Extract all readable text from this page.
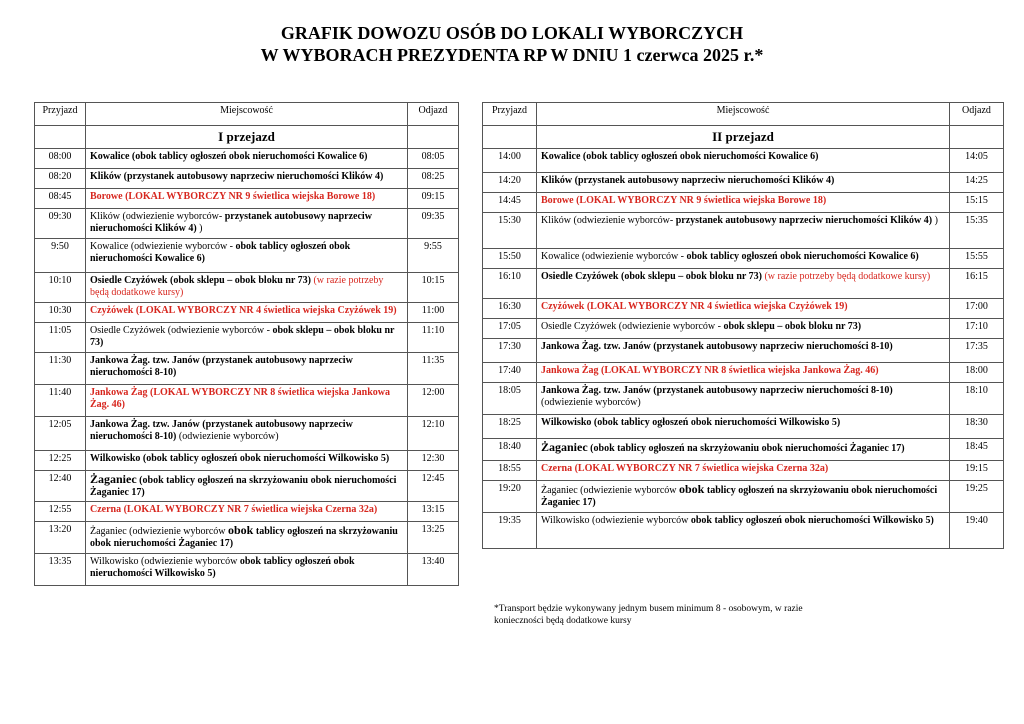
GRAFIK DOWOZU OSÓB DO LOKALI WYBORCZYCH
W WYBORACH PREZYDENTA RP W DNIU 1 czerwca 2025 r.*
Przyjazd	Miejscowość	Odjazd
	I przejazd	
08:00	Kowalice (obok tablicy ogłoszeń obok nieruchomości Kowalice 6)	08:05
08:20	Klików (przystanek autobusowy naprzeciw nieruchomości Klików 4)	08:25
08:45	Borowe (LOKAL WYBORCZY NR 9 świetlica wiejska Borowe 18)	09:15
09:30	Klików (odwiezienie wyborców- przystanek autobusowy naprzeciw nieruchomości Klików 4) )	09:35
9:50	Kowalice (odwiezienie wyborców - obok tablicy ogłoszeń obok nieruchomości Kowalice 6)	9:55
10:10	Osiedle Czyżówek (obok sklepu – obok bloku nr 73) (w razie potrzeby będą dodatkowe kursy)	10:15
10:30	Czyżówek (LOKAL WYBORCZY NR 4 świetlica wiejska Czyżówek 19)	11:00
11:05	Osiedle Czyżówek (odwiezienie wyborców - obok sklepu – obok bloku nr 73)	11:10
11:30	Jankowa Żag. tzw. Janów (przystanek autobusowy naprzeciw nieruchomości 8-10)	11:35
11:40	Jankowa Żag (LOKAL WYBORCZY NR 8 świetlica wiejska Jankowa Żag. 46)	12:00
12:05	Jankowa Żag. tzw. Janów (przystanek autobusowy naprzeciw nieruchomości 8-10) (odwiezienie wyborców)	12:10
12:25	Wilkowisko (obok tablicy ogłoszeń obok nieruchomości Wilkowisko 5)	12:30
12:40	Żaganiec (obok tablicy ogłoszeń na skrzyżowaniu obok nieruchomości Żaganiec 17)	12:45
12:55	Czerna (LOKAL WYBORCZY NR 7 świetlica wiejska Czerna 32a)	13:15
13:20	Żaganiec (odwiezienie wyborców obok tablicy ogłoszeń na skrzyżowaniu obok nieruchomości Żaganiec 17)	13:25
13:35	Wilkowisko (odwiezienie wyborców obok tablicy ogłoszeń obok nieruchomości Wilkowisko 5)	13:40
Przyjazd	Miejscowość	Odjazd
	II przejazd	
14:00	Kowalice (obok tablicy ogłoszeń obok nieruchomości Kowalice 6)	14:05
14:20	Klików (przystanek autobusowy naprzeciw nieruchomości Klików 4)	14:25
14:45	Borowe (LOKAL WYBORCZY NR 9 świetlica wiejska Borowe 18)	15:15
15:30	Klików (odwiezienie wyborców- przystanek autobusowy naprzeciw nieruchomości Klików 4) )	15:35
15:50	Kowalice (odwiezienie wyborców - obok tablicy ogłoszeń obok nieruchomości Kowalice 6)	15:55
16:10	Osiedle Czyżówek (obok sklepu – obok bloku nr 73) (w razie potrzeby będą dodatkowe kursy)	16:15
16:30	Czyżówek (LOKAL WYBORCZY NR 4 świetlica wiejska Czyżówek 19)	17:00
17:05	Osiedle Czyżówek (odwiezienie wyborców - obok sklepu – obok bloku nr 73)	17:10
17:30	Jankowa Żag. tzw. Janów (przystanek autobusowy naprzeciw nieruchomości 8-10)	17:35
17:40	Jankowa Żag (LOKAL WYBORCZY NR 8 świetlica wiejska Jankowa Żag. 46)	18:00
18:05	Jankowa Żag. tzw. Janów (przystanek autobusowy naprzeciw nieruchomości 8-10) (odwiezienie wyborców)	18:10
18:25	Wilkowisko (obok tablicy ogłoszeń obok nieruchomości Wilkowisko 5)	18:30
18:40	Żaganiec (obok tablicy ogłoszeń na skrzyżowaniu obok nieruchomości Żaganiec 17)	18:45
18:55	Czerna (LOKAL WYBORCZY NR 7 świetlica wiejska Czerna 32a)	19:15
19:20	Żaganiec (odwiezienie wyborców obok tablicy ogłoszeń na skrzyżowaniu obok nieruchomości Żaganiec 17)	19:25
19:35	Wilkowisko (odwiezienie wyborców obok tablicy ogłoszeń obok nieruchomości Wilkowisko 5)	19:40
*Transport będzie wykonywany jednym busem minimum 8 - osobowym, w razie konieczności będą dodatkowe kursy
